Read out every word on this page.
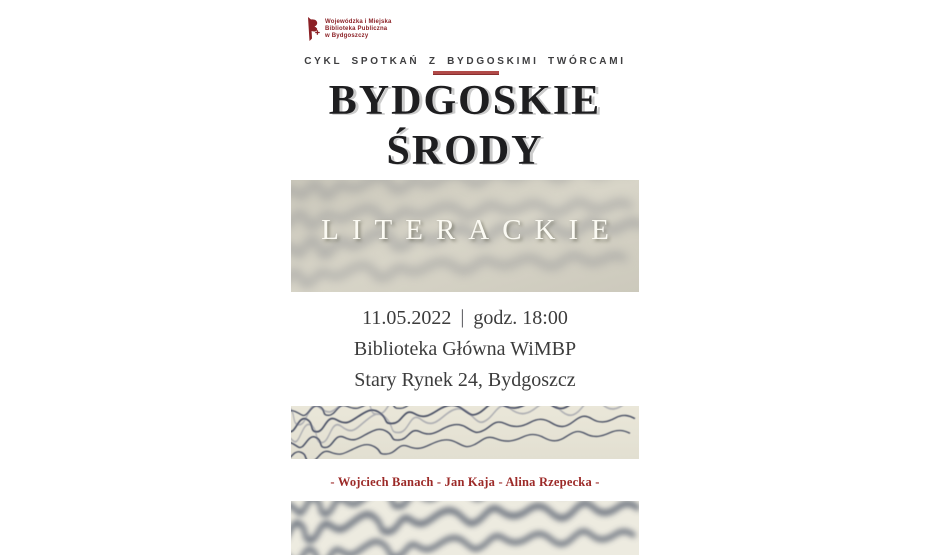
Wojewódzka i Miejska
Biblioteka Publiczna
w Bydgoszczy
CYKL SPOTKAŃ Z BYDGOSKIMI TWÓRCAMI
BYDGOSKIE
ŚRODY
LITERACKIE
11.05.2022 | godz. 18:00
Biblioteka Główna WiMBP
Stary Rynek 24, Bydgoszcz
- Wojciech Banach - Jan Kaja - Alina Rzepecka -
